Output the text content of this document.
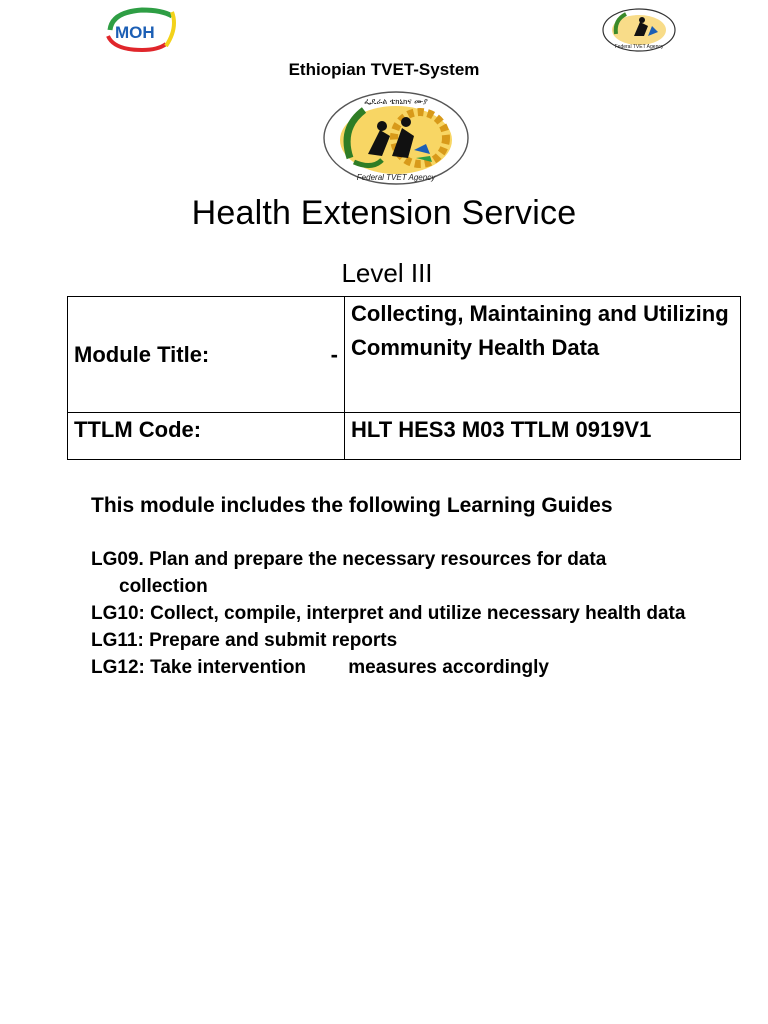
MOH
Federal TVET Agency
Ethiopian TVET-System
Federal TVET Agency
ፌዴራል ቴክኒክና ሙያ
Health Extension Service
Level III
Module Title: -	Collecting, Maintaining and Utilizing Community Health Data
TTLM Code:	HLT HES3 M03 TTLM 0919V1
This module includes the following Learning Guides
LG09. Plan and prepare the necessary resources for data collection
LG10: Collect, compile, interpret and utilize necessary health data
LG11: Prepare and submit reports
LG12: Take intervention        measures accordingly
